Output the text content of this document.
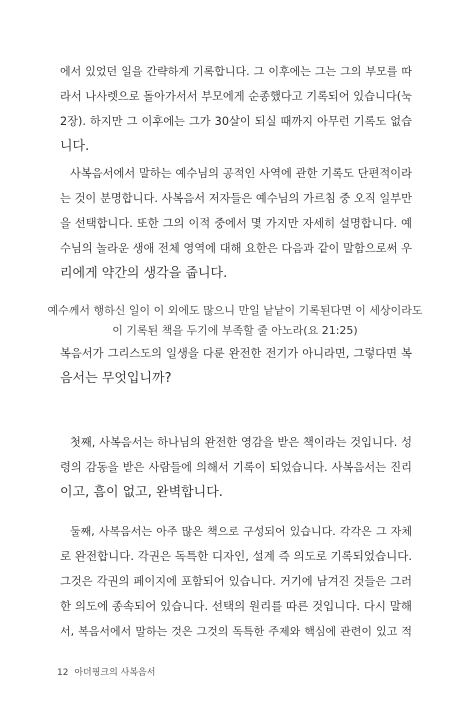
에서 있었던 일을 간략하게 기록합니다. 그 이후에는 그는 그의 부모를 따
라서 나사렛으로 돌아가서서 부모에게 순종했다고 기록되어 있습니다(눅
2장). 하지만 그 이후에는 그가 30살이 되실 때까지 아무런 기록도 없습
니다.
사복음서에서 말하는 예수님의 공적인 사역에 관한 기록도 단편적이라
는 것이 분명합니다. 사복음서 저자들은 예수님의 가르침 중 오직 일부만
을 선택합니다. 또한 그의 이적 중에서 몇 가지만 자세히 설명합니다. 예
수님의 놀라운 생애 전체 영역에 대해 요한은 다음과 같이 말함으로써 우
리에게 약간의 생각을 줍니다.
예수께서 행하신 일이 이 외에도 많으니 만일 낱낱이 기록된다면 이 세상이라도
이 기록된 책을 두기에 부족할 줄 아노라(요 21:25)
복음서가 그리스도의 일생을 다룬 완전한 전기가 아니라면, 그렇다면 복
음서는 무엇입니까?
첫째, 사복음서는 하나님의 완전한 영감을 받은 책이라는 것입니다. 성
령의 감동을 받은 사람들에 의해서 기록이 되었습니다. 사복음서는 진리
이고, 흠이 없고, 완벽합니다.
둘째, 사복음서는 아주 많은 책으로 구성되어 있습니다. 각각은 그 자체
로 완전합니다. 각권은 독특한 디자인, 설계 즉 의도로 기록되었습니다.
그것은 각권의 페이지에 포함되어 있습니다. 거기에 남겨진 것들은 그러
한 의도에 종속되어 있습니다. 선택의 원리를 따른 것입니다. 다시 말해
서, 복음서에서 말하는 것은 그것의 독특한 주제와 핵심에 관련이 있고 적
12 아더핑크의 사복음서
